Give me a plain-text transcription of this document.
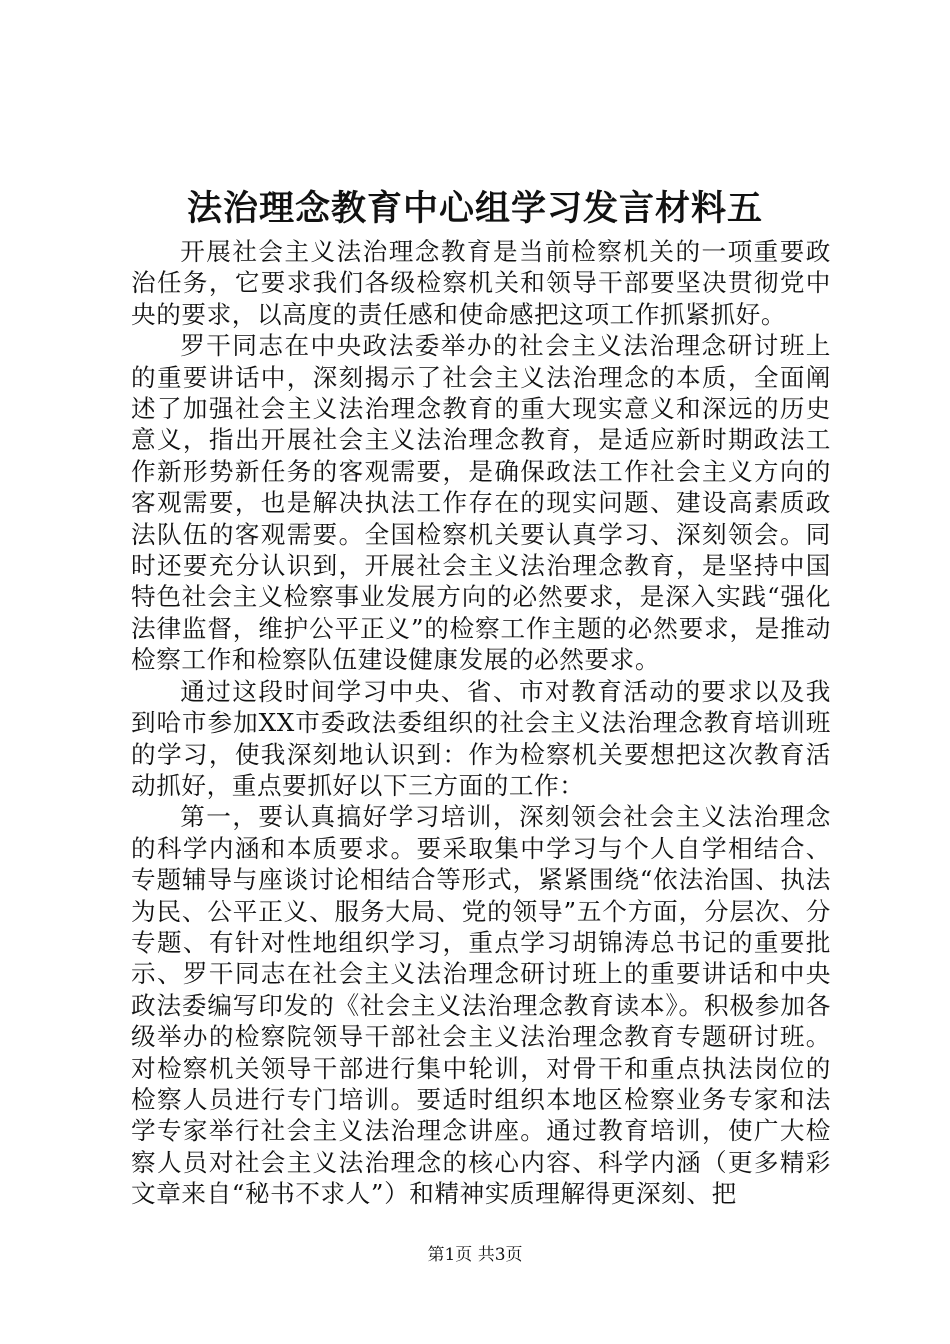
法治理念教育中心组学习发言材料五

开展社会主义法治理念教育是当前检察机关的一项重要政治任务，它要求我们各级检察机关和领导干部要坚决贯彻党中央的要求，以高度的责任感和使命感把这项工作抓紧抓好。

罗干同志在中央政法委举办的社会主义法治理念研讨班上的重要讲话中，深刻揭示了社会主义法治理念的本质，全面阐述了加强社会主义法治理念教育的重大现实意义和深远的历史意义，指出开展社会主义法治理念教育，是适应新时期政法工作新形势新任务的客观需要，是确保政法工作社会主义方向的客观需要，也是解决执法工作存在的现实问题、建设高素质政法队伍的客观需要。全国检察机关要认真学习、深刻领会。同时还要充分认识到，开展社会主义法治理念教育，是坚持中国特色社会主义检察事业发展方向的必然要求，是深入实践“强化法律监督，维护公平正义”的检察工作主题的必然要求，是推动检察工作和检察队伍建设健康发展的必然要求。

通过这段时间学习中央、省、市对教育活动的要求以及我到哈市参加XX市委政法委组织的社会主义法治理念教育培训班的学习，使我深刻地认识到：作为检察机关要想把这次教育活动抓好，重点要抓好以下三方面的工作：

第一，要认真搞好学习培训，深刻领会社会主义法治理念的科学内涵和本质要求。要采取集中学习与个人自学相结合、专题辅导与座谈讨论相结合等形式，紧紧围绕“依法治国、执法为民、公平正义、服务大局、党的领导”五个方面，分层次、分专题、有针对性地组织学习，重点学习胡锦涛总书记的重要批示、罗干同志在社会主义法治理念研讨班上的重要讲话和中央政法委编写印发的《社会主义法治理念教育读本》。积极参加各级举办的检察院领导干部社会主义法治理念教育专题研讨班。对检察机关领导干部进行集中轮训，对骨干和重点执法岗位的检察人员进行专门培训。要适时组织本地区检察业务专家和法学专家举行社会主义法治理念讲座。通过教育培训，使广大检察人员对社会主义法治理念的核心内容、科学内涵（更多精彩文章来自“秘书不求人”）和精神实质理解得更深刻、把

第1页 共3页
